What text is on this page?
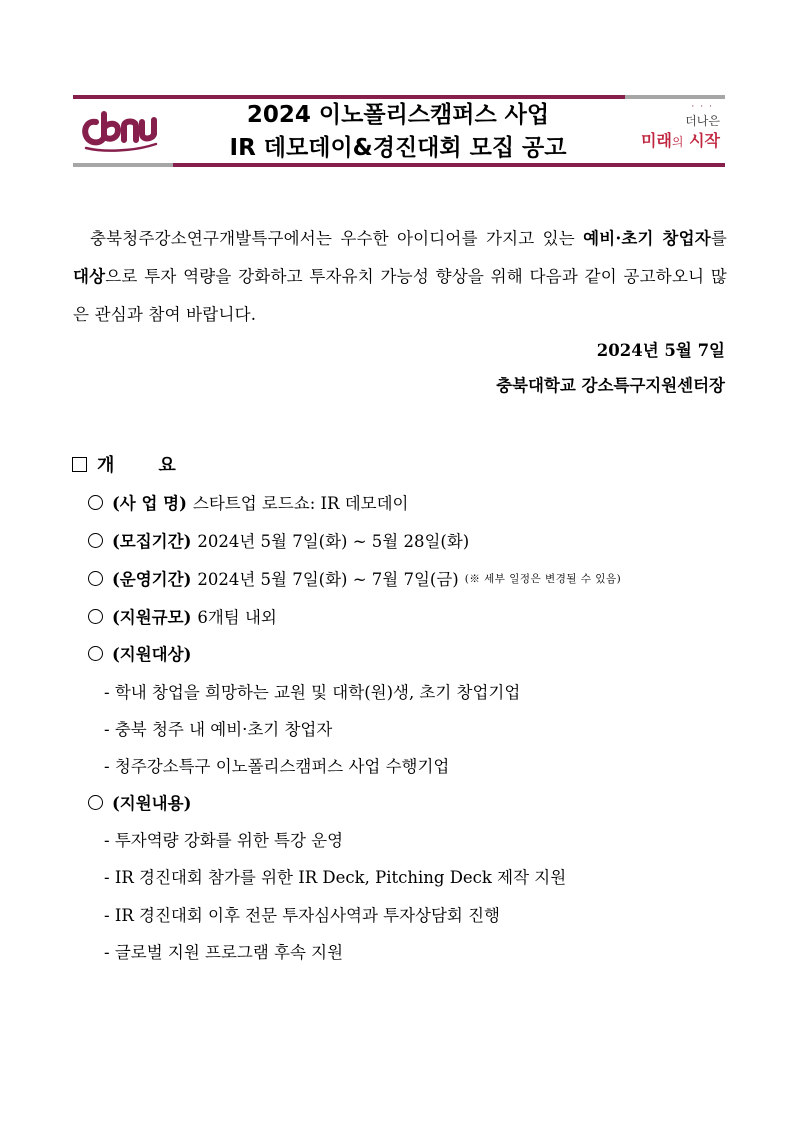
2024 이노폴리스캠퍼스 사업
IR 데모데이&경진대회 모집 공고
···
더나은
미래의 시작
충북청주강소연구개발특구에서는 우수한 아이디어를 가지고 있는 예비·초기 창업자를 대상으로 투자 역량을 강화하고 투자유치 가능성 향상을 위해 다음과 같이 공고하오니 많은 관심과 참여 바랍니다.
2024년 5월 7일
충북대학교 강소특구지원센터장
개 요
(사 업 명) 스타트업 로드쇼: IR 데모데이
(모집기간) 2024년 5월 7일(화) ~ 5월 28일(화)
(운영기간) 2024년 5월 7일(화) ~ 7월 7일(금) (※ 세부 일정은 변경될 수 있음)
(지원규모) 6개팀 내외
(지원대상)
- 학내 창업을 희망하는 교원 및 대학(원)생, 초기 창업기업
- 충북 청주 내 예비·초기 창업자
- 청주강소특구 이노폴리스캠퍼스 사업 수행기업
(지원내용)
- 투자역량 강화를 위한 특강 운영
- IR 경진대회 참가를 위한 IR Deck, Pitching Deck 제작 지원
- IR 경진대회 이후 전문 투자심사역과 투자상담회 진행
- 글로벌 지원 프로그램 후속 지원
